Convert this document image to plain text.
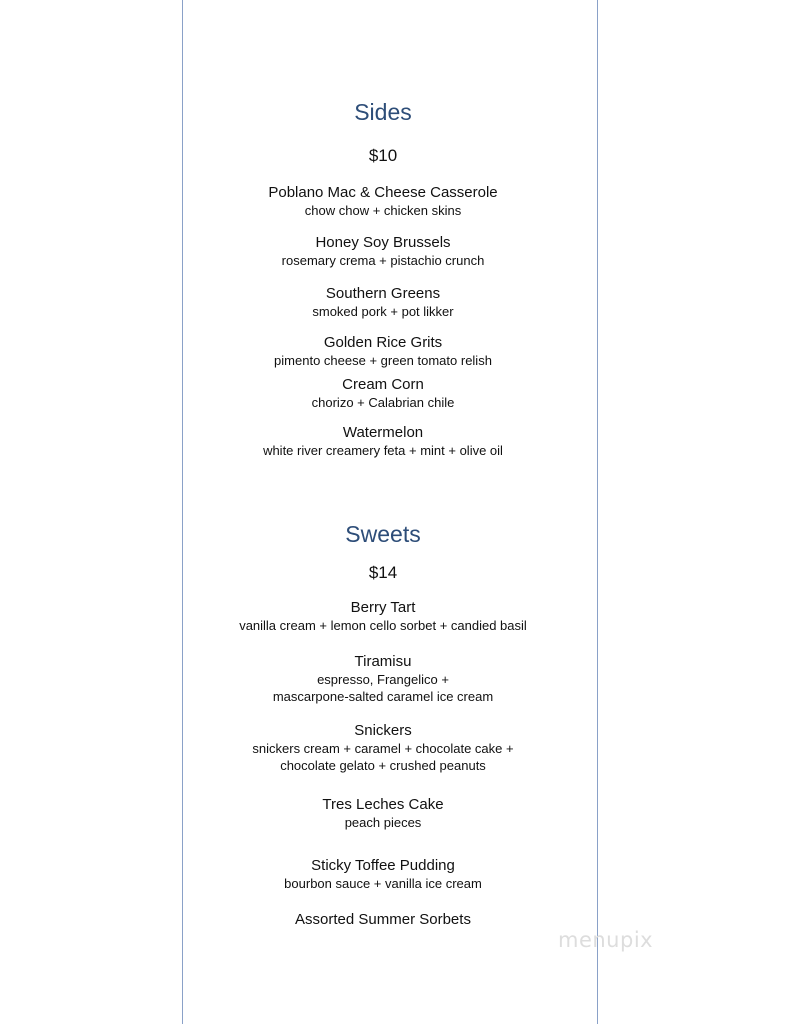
Sides
$10
Poblano Mac & Cheese Casserole
chow chow + chicken skins
Honey Soy Brussels
rosemary crema + pistachio crunch
Southern Greens
smoked pork + pot likker
Golden Rice Grits
pimento cheese + green tomato relish
Cream Corn
chorizo + Calabrian chile
Watermelon
white river creamery feta + mint + olive oil
Sweets
$14
Berry Tart
vanilla cream + lemon cello sorbet + candied basil
Tiramisu
espresso, Frangelico +
mascarpone-salted caramel ice cream
Snickers
snickers cream + caramel + chocolate cake +
chocolate gelato + crushed peanuts
Tres Leches Cake
peach pieces
Sticky Toffee Pudding
bourbon sauce + vanilla ice cream
Assorted Summer Sorbets
menupix
